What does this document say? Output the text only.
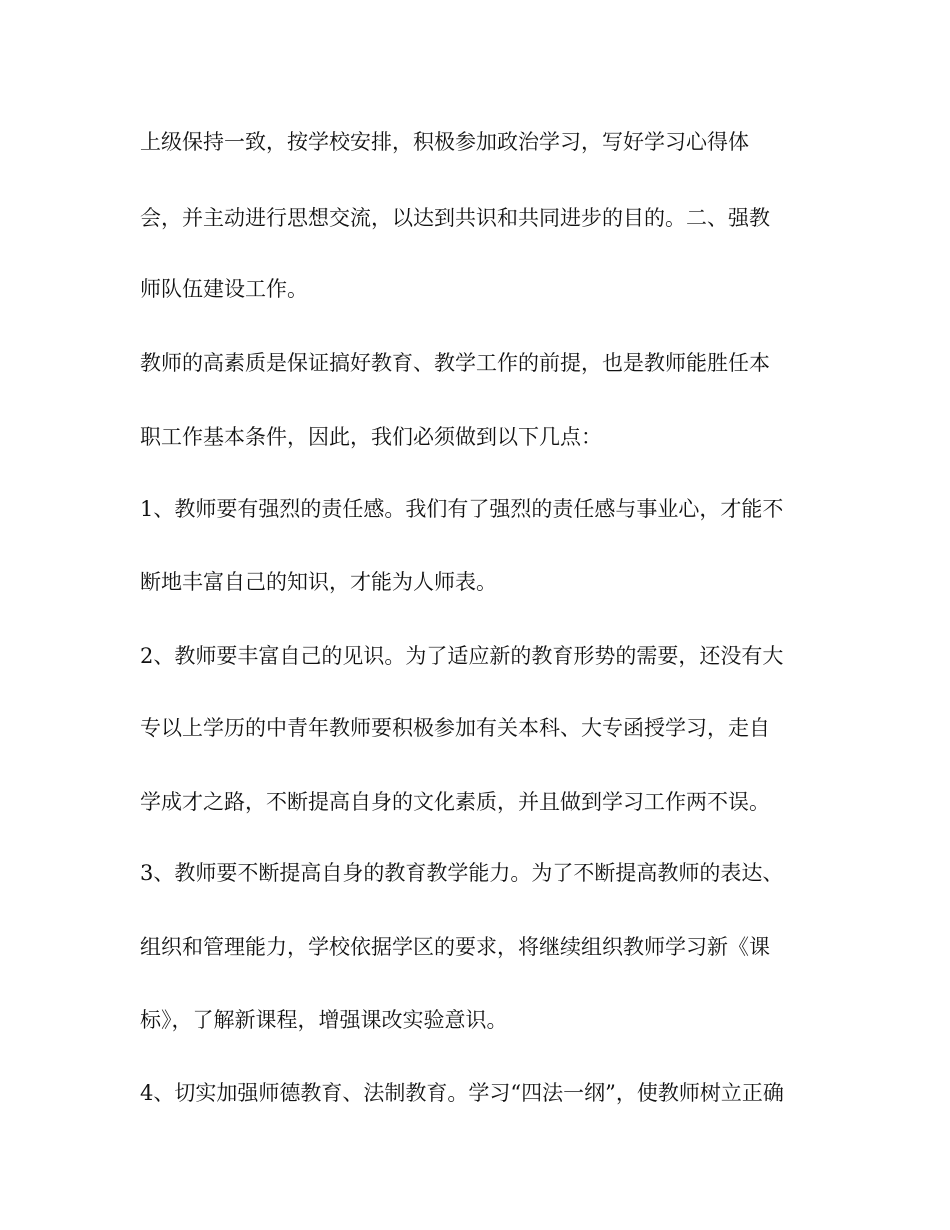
上级保持一致，按学校安排，积极参加政治学习，写好学习心得体
会，并主动进行思想交流，以达到共识和共同进步的目的。二、强教
师队伍建设工作。
教师的高素质是保证搞好教育、教学工作的前提，也是教师能胜任本
职工作基本条件，因此，我们必须做到以下几点：
1、教师要有强烈的责任感。我们有了强烈的责任感与事业心，才能不
断地丰富自己的知识，才能为人师表。
2、教师要丰富自己的见识。为了适应新的教育形势的需要，还没有大
专以上学历的中青年教师要积极参加有关本科、大专函授学习，走自
学成才之路，不断提高自身的文化素质，并且做到学习工作两不误。
3、教师要不断提高自身的教育教学能力。为了不断提高教师的表达、
组织和管理能力，学校依据学区的要求，将继续组织教师学习新《课
标》，了解新课程，增强课改实验意识。
4、切实加强师德教育、法制教育。学习“四法一纲”，使教师树立正确
